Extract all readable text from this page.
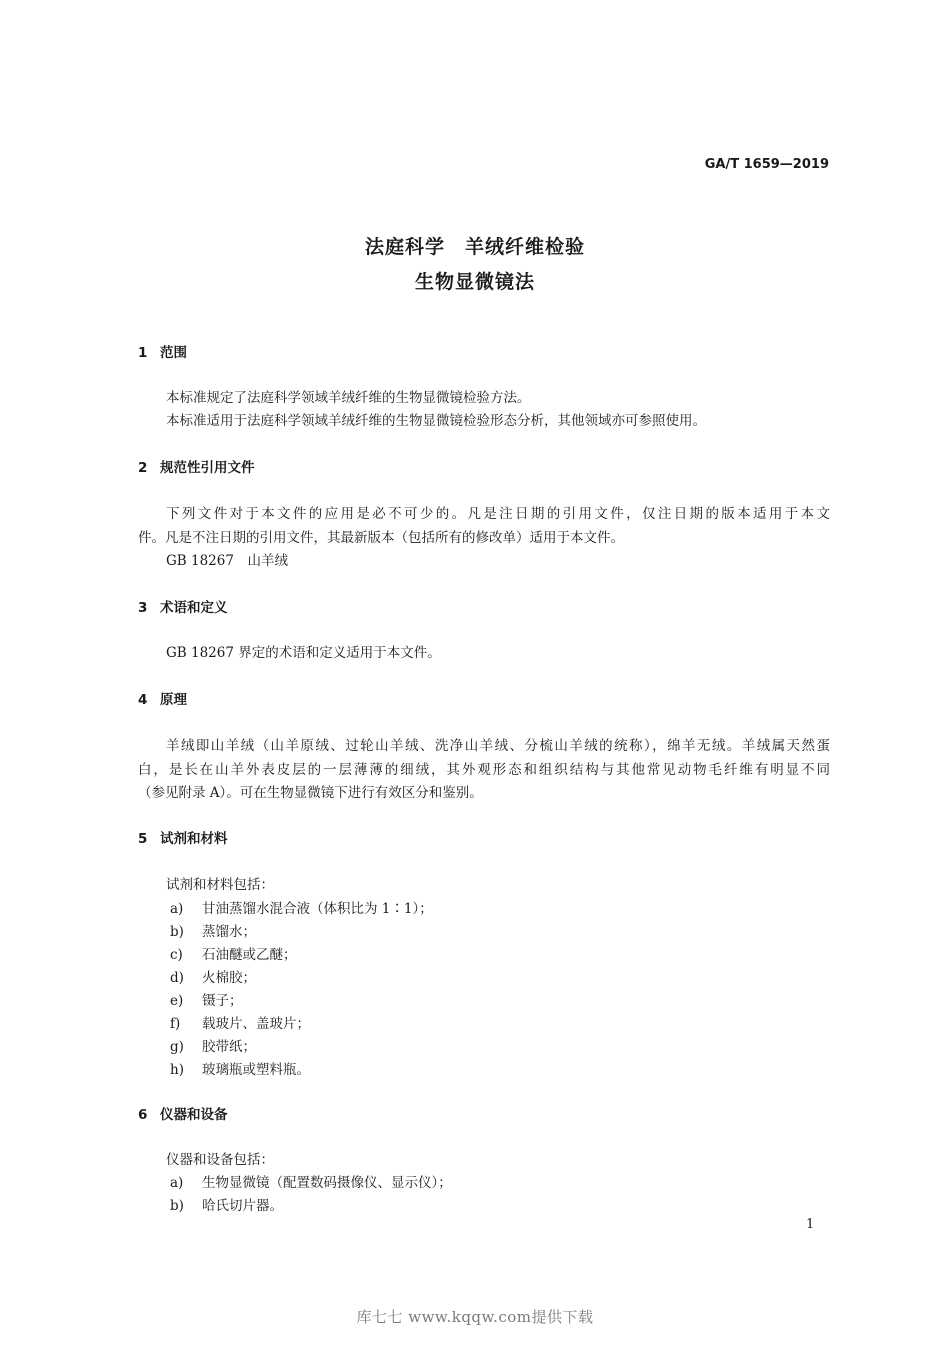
GA/T 1659—2019
法庭科学　羊绒纤维检验
生物显微镜法
1 范围
本标准规定了法庭科学领域羊绒纤维的生物显微镜检验方法。
本标准适用于法庭科学领域羊绒纤维的生物显微镜检验形态分析，其他领域亦可参照使用。
2 规范性引用文件
下列文件对于本文件的应用是必不可少的。凡是注日期的引用文件，仅注日期的版本适用于本文
件。凡是不注日期的引用文件，其最新版本（包括所有的修改单）适用于本文件。
GB 18267　山羊绒
3 术语和定义
GB 18267 界定的术语和定义适用于本文件。
4 原理
羊绒即山羊绒（山羊原绒、过轮山羊绒、洗净山羊绒、分梳山羊绒的统称），绵羊无绒。羊绒属天然蛋
白，是长在山羊外表皮层的一层薄薄的细绒，其外观形态和组织结构与其他常见动物毛纤维有明显不同
（参见附录 A）。可在生物显微镜下进行有效区分和鉴别。
5 试剂和材料
试剂和材料包括：
a) 甘油蒸馏水混合液（体积比为 1∶1）；
b) 蒸馏水；
c) 石油醚或乙醚；
d) 火棉胶；
e) 镊子；
f) 载玻片、盖玻片；
g) 胶带纸；
h) 玻璃瓶或塑料瓶。
6 仪器和设备
仪器和设备包括：
a) 生物显微镜（配置数码摄像仪、显示仪）；
b) 哈氏切片器。
1
库七七 www.kqqw.com提供下载
